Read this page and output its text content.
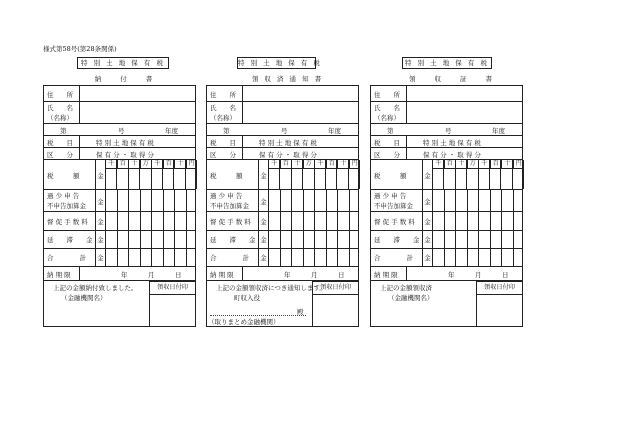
様式第58号(第28条関係)
特 別 土 地 保 有 税
納　　付　　書
住　　所
氏　　名
（名称）
第	号	年度
税　　目	特 別 土 地 保 有 税
区　　分	保 有 分 ・ 取 得 分
税　　　額	金
千 百 十 万 千 百 十 円
過 少 申 告
不申告加算金 金
督 促 手 数 料 金
延　　滞　　金 金
合　　　　計 金
納 期 限	年	月	日
上記の金額納付致しました。
（金融機関名）
領収日付印
特 別 土 地 保 有 税
領 収 済 通 知 書
住　　所
氏　　名
（名称）
第	号	年度
税　　目	特 別 土 地 保 有 税
区　　分	保 有 分 ・ 取 得 分
税　　　額	金
千 百 十 万 千 百 十 円
過 少 申 告
不申告加算金 金
督 促 手 数 料 金
延　　滞　　金 金
合　　　　計 金
納 期 限	年	月	日
上記の金額領収済につき通知します。
町収入役
殿
（取りまとめ金融機関）
領収日付印
特 別 土 地 保 有 税
領　　収　　証　　書
住　　所
氏　　名
（名称）
第	号	年度
税　　目	特 別 土 地 保 有 税
区　　分	保 有 分 ・ 取 得 分
税　　　額	金
千 百 十 万 千 百 十 円
過 少 申 告
不申告加算金 金
督 促 手 数 料 金
延　　滞　　金 金
合　　　　計 金
納 期 限	年	月	日
上記の金額領収済
（金融機関名）
領収日付印
